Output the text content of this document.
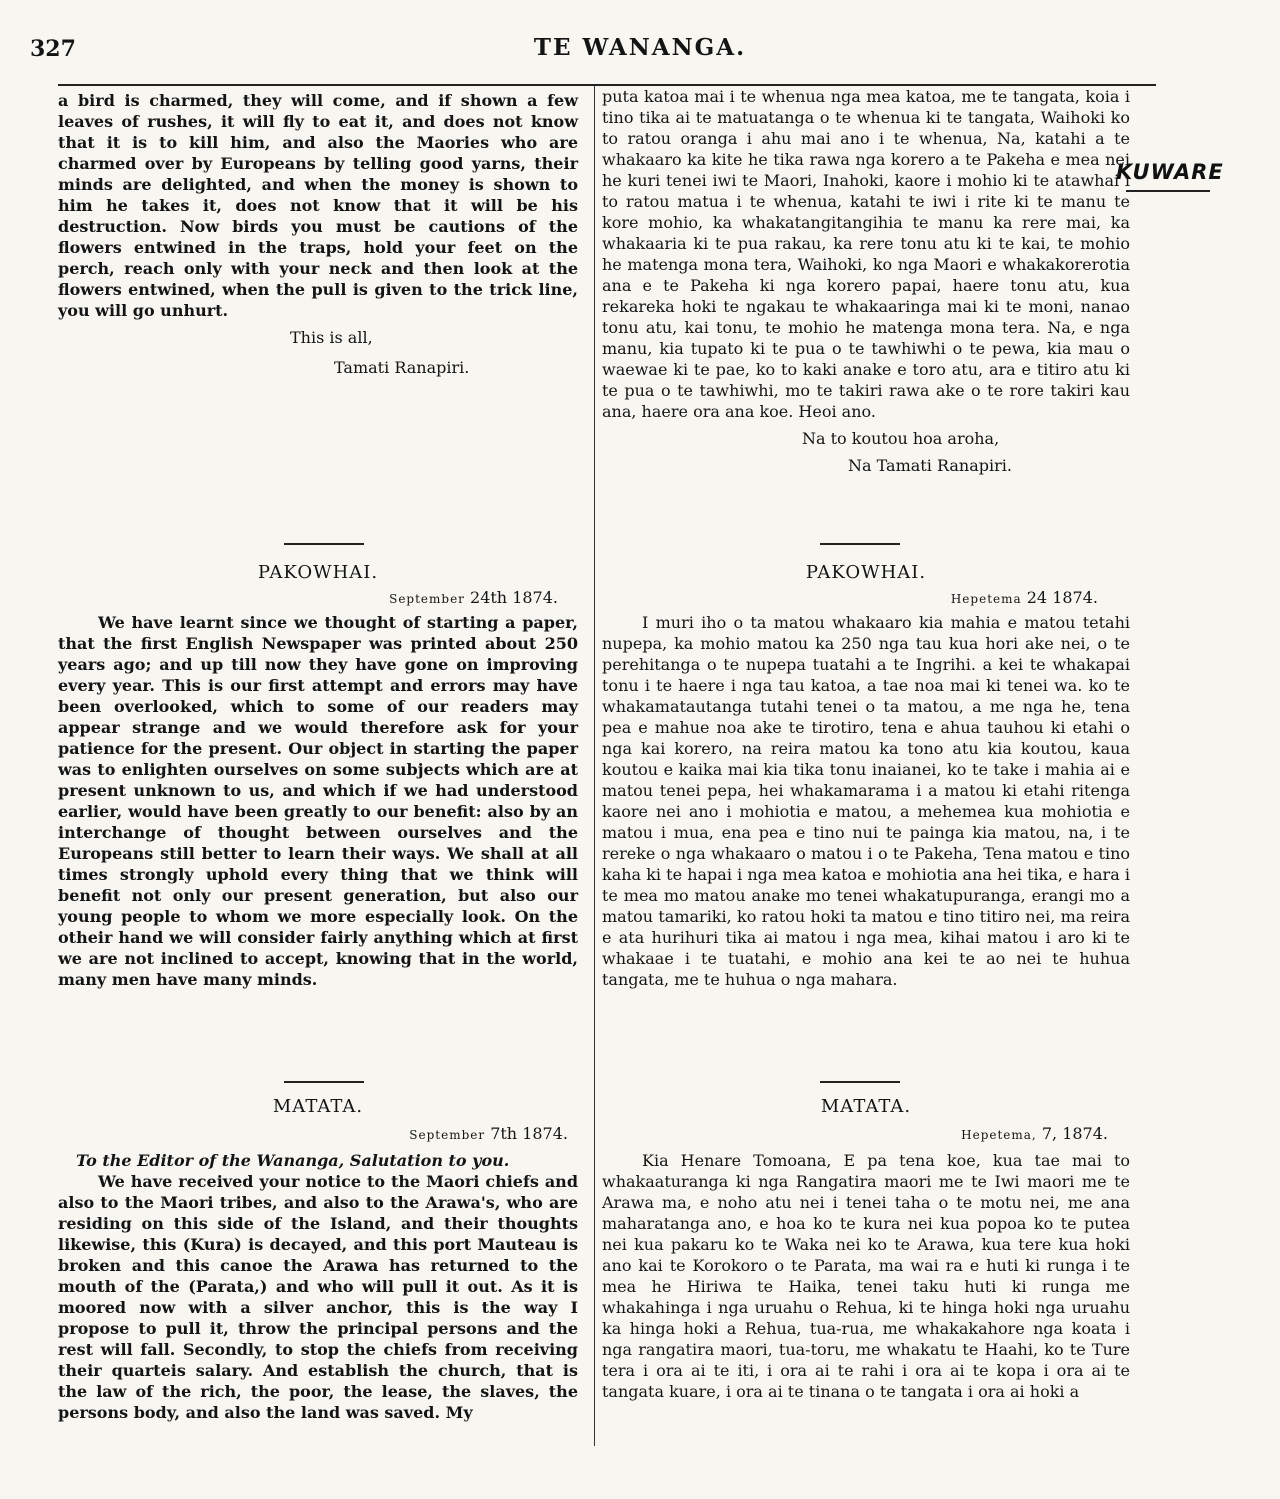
327	TE WANANGA.
KUWARE

a bird is charmed, they will come, and if shown a few leaves of rushes, it will fly to eat it, and does not know that it is to kill him, and also the Maories who are charmed over by Europeans by telling good yarns, their minds are delighted, and when the money is shown to him he takes it, does not know that it will be his destruction. Now birds you must be cautions of the flowers entwined in the traps, hold your feet on the perch, reach only with your neck and then look at the flowers entwined, when the pull is given to the trick line, you will go unhurt.

This is all,
Tamati Ranapiri.

puta katoa mai i te whenua nga mea katoa, me te tangata, koia i tino tika ai te matuatanga o te whenua ki te tangata, Waihoki ko to ratou oranga i ahu mai ano i te whenua, Na, katahi a te whakaaro ka kite he tika rawa nga korero a te Pakeha e mea nei he kuri tenei iwi te Maori, Inahoki, kaore i mohio ki te atawhai i to ratou matua i te whenua, katahi te iwi i rite ki te manu te kore mohio, ka whakatangitangihia te manu ka rere mai, ka whakaaria ki te pua rakau, ka rere tonu atu ki te kai, te mohio he matenga mona tera, Waihoki, ko nga Maori e whakakorerotia ana e te Pakeha ki nga korero papai, haere tonu atu, kua rekareka hoki te ngakau te whakaaringa mai ki te moni, nanao tonu atu, kai tonu, te mohio he matenga mona tera. Na, e nga manu, kia tupato ki te pua o te tawhiwhi o te pewa, kia mau o waewae ki te pae, ko to kaki anake e toro atu, ara e titiro atu ki te pua o te tawhiwhi, mo te takiri rawa ake o te rore takiri kau ana, haere ora ana koe. Heoi ano.

Na to koutou hoa aroha,
Na Tamati Ranapiri.
PAKOWHAI.
September 24th 1874.

We have learnt since we thought of starting a paper, that the first English Newspaper was printed about 250 years ago; and up till now they have gone on improving every year. This is our first attempt and errors may have been overlooked, which to some of our readers may appear strange and we would therefore ask for your patience for the present. Our object in starting the paper was to enlighten ourselves on some subjects which are at present unknown to us, and which if we had understood earlier, would have been greatly to our benefit: also by an interchange of thought between ourselves and the Europeans still better to learn their ways. We shall at all times strongly uphold every thing that we think will benefit not only our present generation, but also our young people to whom we more especially look. On the otheir hand we will consider fairly anything which at first we are not inclined to accept, knowing that in the world, many men have many minds.

PAKOWHAI.
Hepetema 24 1874.

I muri iho o ta matou whakaaro kia mahia e matou tetahi nupepa, ka mohio matou ka 250 nga tau kua hori ake nei, o te perehitanga o te nupepa tuatahi a te Ingrihi. a kei te whakapai tonu i te haere i nga tau katoa, a tae noa mai ki tenei wa. ko te whakamatautanga tutahi tenei o ta matou, a me nga he, tena pea e mahue noa ake te tirotiro, tena e ahua tauhou ki etahi o nga kai korero, na reira matou ka tono atu kia koutou, kaua koutou e kaika mai kia tika tonu inaianei, ko te take i mahia ai e matou tenei pepa, hei whakamarama i a matou ki etahi ritenga kaore nei ano i mohiotia e matou, a mehemea kua mohiotia e matou i mua, ena pea e tino nui te painga kia matou, na, i te rereke o nga whakaaro o matou i o te Pakeha, Tena matou e tino kaha ki te hapai i nga mea katoa e mohiotia ana hei tika, e hara i te mea mo matou anake mo tenei whakatupuranga, erangi mo a matou tamariki, ko ratou hoki ta matou e tino titiro nei, ma reira e ata hurihuri tika ai matou i nga mea, kihai matou i aro ki te whakaae i te tuatahi, e mohio ana kei te ao nei te huhua tangata, me te huhua o nga mahara.

MATATA.
September 7th 1874.

To the Editor of the Wananga, Salutation to you.

We have received your notice to the Maori chiefs and also to the Maori tribes, and also to the Arawa's, who are residing on this side of the Island, and their thoughts likewise, this (Kura) is decayed, and this port Mauteau is broken and this canoe the Arawa has returned to the mouth of the (Parata,) and who will pull it out. As it is moored now with a silver anchor, this is the way I propose to pull it, throw the principal persons and the rest will fall. Secondly, to stop the chiefs from receiving their quarteis salary. And establish the church, that is the law of the rich, the poor, the lease, the slaves, the persons body, and also the land was saved. My

MATATA.
Hepetema, 7, 1874.

Kia Henare Tomoana, E pa tena koe, kua tae mai to whakaaturanga ki nga Rangatira maori me te Iwi maori me te Arawa ma, e noho atu nei i tenei taha o te motu nei, me ana maharatanga ano, e hoa ko te kura nei kua popoa ko te putea nei kua pakaru ko te Waka nei ko te Arawa, kua tere kua hoki ano kai te Korokoro o te Parata, ma wai ra e huti ki runga i te mea he Hiriwa te Haika, tenei taku huti ki runga me whakahinga i nga uruahu o Rehua, ki te hinga hoki nga uruahu ka hinga hoki a Rehua, tua-rua, me whakakahore nga koata i nga rangatira maori, tua-toru, me whakatu te Haahi, ko te Ture tera i ora ai te iti, i ora ai te rahi i ora ai te kopa i ora ai te tangata kuare, i ora ai te tinana o te tangata i ora ai hoki a
